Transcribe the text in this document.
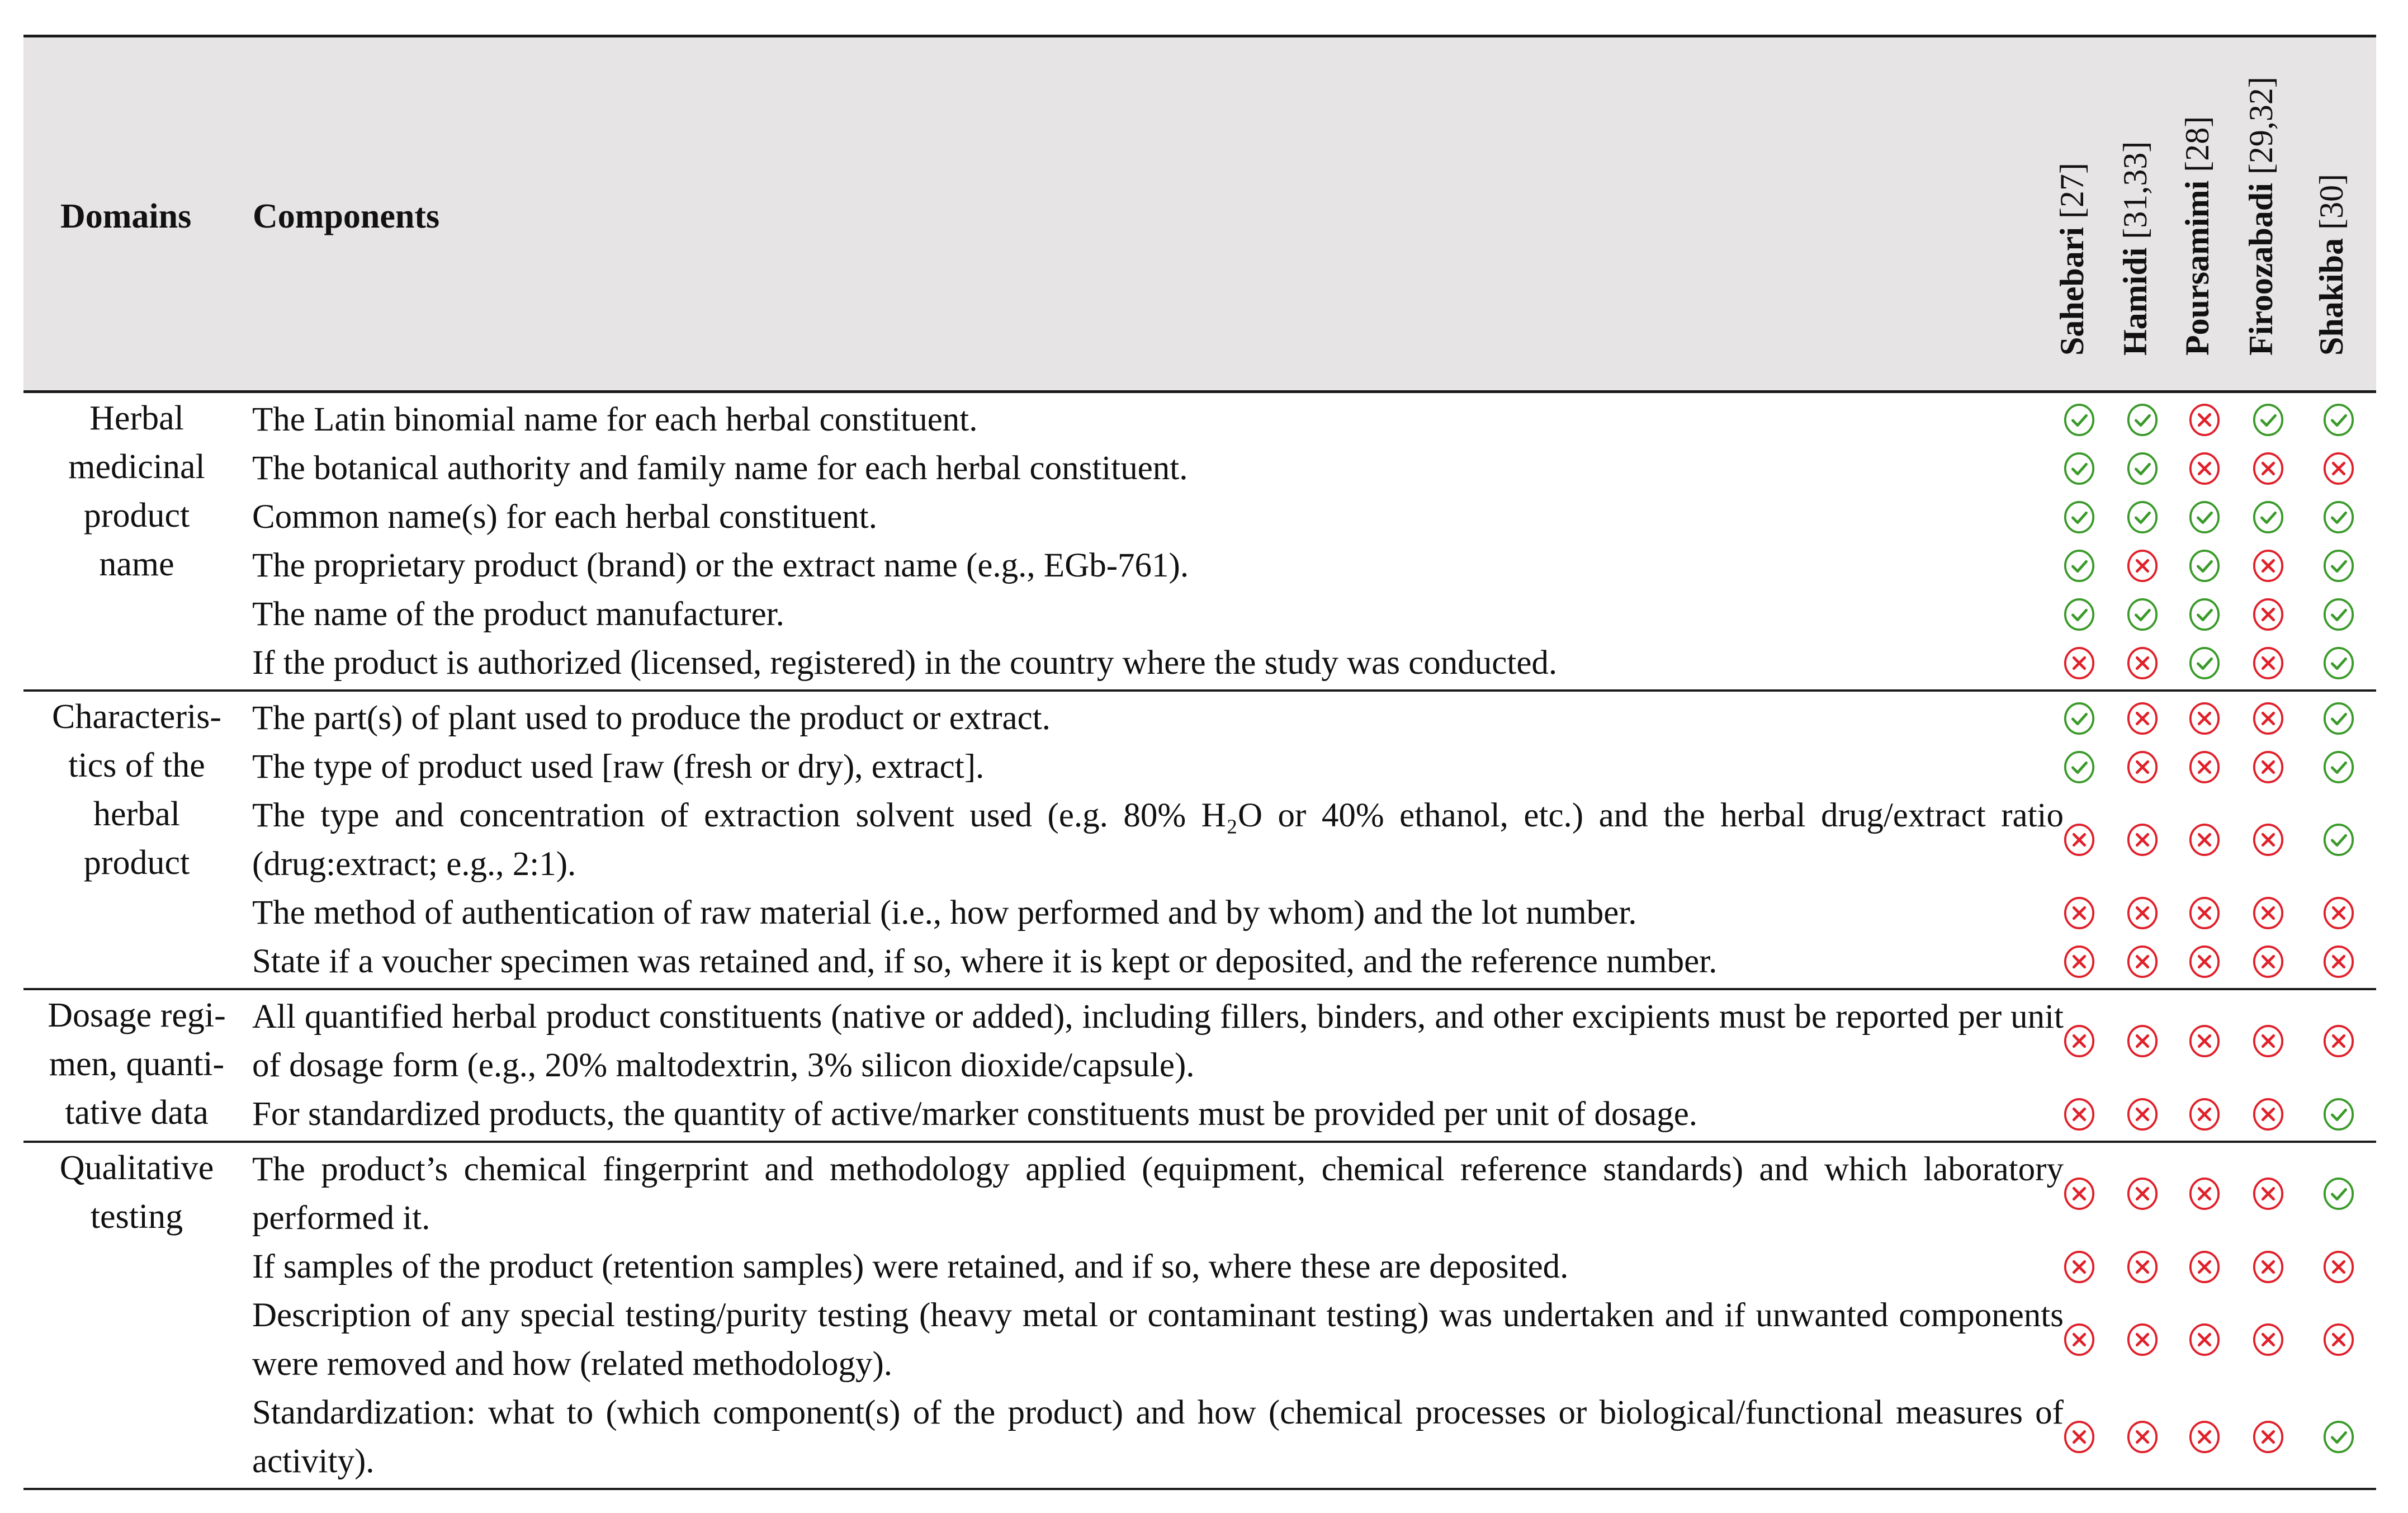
Domains Components
Sahebari [27]
Hamidi [31,33] Poursamimi [28]
Firoozabadi [29,32]
Shakiba [30]
Herbal
medicinal
product
name
The Latin binomial name for each herbal constituent.
The botanical authority and family name for each herbal constituent.
Common name(s) for each herbal constituent.
The proprietary product (brand) or the extract name (e.g., EGb-761).
The name of the product manufacturer.
If the product is authorized (licensed, registered) in the country where the study was conducted.
Characteris-
tics of the
herbal
product
The part(s) of plant used to produce the product or extract.
The type of product used [raw (fresh or dry), extract].
The type and concentration of extraction solvent used (e.g. 80% H₂O or 40% ethanol, etc.) and the herbal drug/extract ratio (drug:extract; e.g., 2:1).
The method of authentication of raw material (i.e., how performed and by whom) and the lot number.
State if a voucher specimen was retained and, if so, where it is kept or deposited, and the reference number.
Dosage regi-
men, quanti-
tative data
All quantified herbal product constituents (native or added), including fillers, binders, and other excipients must be reported per unit of dosage form (e.g., 20% maltodextrin, 3% silicon dioxide/capsule).
For standardized products, the quantity of active/marker constituents must be provided per unit of dosage.
Qualitative
testing
The product’s chemical fingerprint and methodology applied (equipment, chemical reference standards) and which laboratory performed it.
If samples of the product (retention samples) were retained, and if so, where these are deposited.
Description of any special testing/purity testing (heavy metal or contaminant testing) was undertaken and if unwanted components were removed and how (related methodology).
Standardization: what to (which component(s) of the product) and how (chemical processes or biological/functional measures of activity).
